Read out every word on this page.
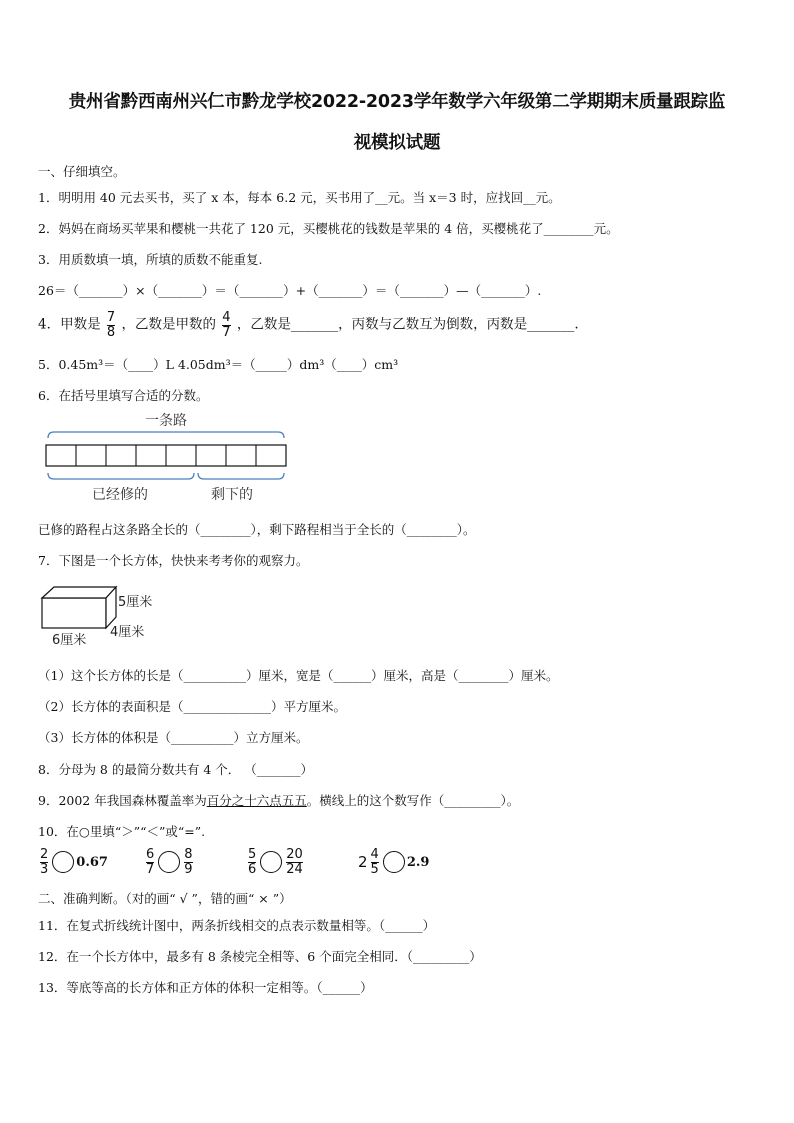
贵州省黔西南州兴仁市黔龙学校2022-2023学年数学六年级第二学期期末质量跟踪监
视模拟试题
一、仔细填空。
1．明明用 40 元去买书，买了 x 本，每本 6.2 元，买书用了__元。当 x＝3 时，应找回__元。
2．妈妈在商场买苹果和樱桃一共花了 120 元，买樱桃花的钱数是苹果的 4 倍，买樱桃花了________元。
3．用质数填一填，所填的质数不能重复.
26＝（_______）×（_______）＝（_______）+（_______）＝（_______）—（_______）.
4．甲数是 $\frac{7}{8}$ ，乙数是甲数的 $\frac{4}{7}$ ，乙数是_______，丙数与乙数互为倒数，丙数是_______.
5．0.45m³＝（____）L 4.05dm³＝（_____）dm³（____）cm³
6．在括号里填写合适的分数。
一条路
已经修的	剩下的
已修的路程占这条路全长的（________），剩下路程相当于全长的（________）。
7．下图是一个长方体，快快来考考你的观察力。
5厘米
4厘米
6厘米
（1）这个长方体的长是（__________）厘米，宽是（______）厘米，高是（________）厘米。
（2）长方体的表面积是（______________）平方厘米。
（3）长方体的体积是（__________）立方厘米。
8．分母为 8 的最简分数共有 4 个． （_______）
9．2002 年我国森林覆盖率为百分之十六点五五。横线上的这个数写作（_________）。
10．在○里填“＞”“＜”或“=”.
$\frac{2}{3} 0.67$	$\frac{6}{7} \frac{8}{9}$	$\frac{5}{6} \frac{20}{24}$	$2 \frac{4}{5} 2.9$
二、准确判断。（对的画“ √ ”，错的画“ × ”）
11．在复式折线统计图中，两条折线相交的点表示数量相等。（______）
12．在一个长方体中，最多有 8 条棱完全相等、6 个面完全相同．（_________）
13．等底等高的长方体和正方体的体积一定相等。（______）
